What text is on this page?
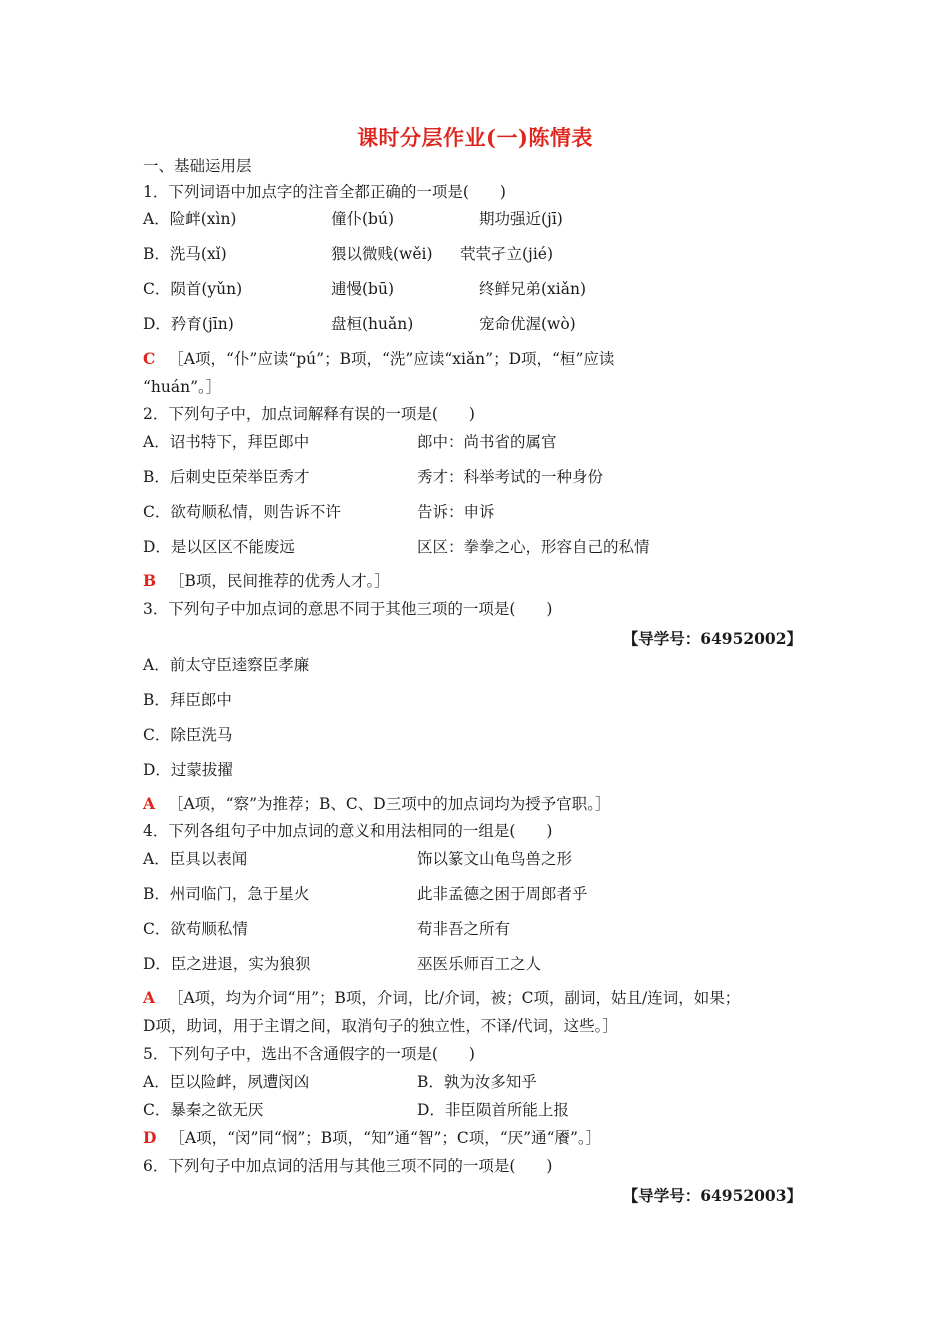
课时分层作业(一)陈情表
一、基础运用层
1．下列词语中加点字的注音全都正确的一项是(　　)
A．险衅(xìn)	僮仆(bú)	期功强近(jī)
B．洗马(xǐ)	猥以微贱(wěi) 茕茕孑立(jié)
C．陨首(yǔn)	逋慢(bū)	终鲜兄弟(xiǎn)
D．矜育(jīn)	盘桓(huǎn)	宠命优渥(wò)
C ［A项，“仆”应读“pú”；B项，“洗”应读“xiǎn”；D项，“桓”应读
“huán”。］
2．下列句子中，加点词解释有误的一项是(　　)
A．诏书特下，拜臣郎中	郎中：尚书省的属官
B．后刺史臣荣举臣秀才	秀才：科举考试的一种身份
C．欲苟顺私情，则告诉不许	告诉：申诉
D．是以区区不能废远	区区：拳拳之心，形容自己的私情
B ［B项，民间推荐的优秀人才。］
3．下列句子中加点词的意思不同于其他三项的一项是(　　)
【导学号：64952002】
A．前太守臣逵察臣孝廉
B．拜臣郎中
C．除臣洗马
D．过蒙拔擢
A ［A项，“察”为推荐；B、C、D三项中的加点词均为授予官职。］
4．下列各组句子中加点词的意义和用法相同的一组是(　　)
A．臣具以表闻	饰以篆文山龟鸟兽之形
B．州司临门，急于星火	此非孟德之困于周郎者乎
C．欲苟顺私情	苟非吾之所有
D．臣之进退，实为狼狈	巫医乐师百工之人
A ［A项，均为介词“用”；B项，介词，比/介词，被；C项，副词，姑且/连词，如果；
D项，助词，用于主谓之间，取消句子的独立性，不译/代词，这些。］
5．下列句子中，选出不含通假字的一项是(　　)
A．臣以险衅，夙遭闵凶	B．孰为汝多知乎
C．暴秦之欲无厌	D．非臣陨首所能上报
D ［A项，“闵”同“悯”；B项，“知”通“智”；C项，“厌”通“餍”。］
6．下列句子中加点词的活用与其他三项不同的一项是(　　)
【导学号：64952003】
